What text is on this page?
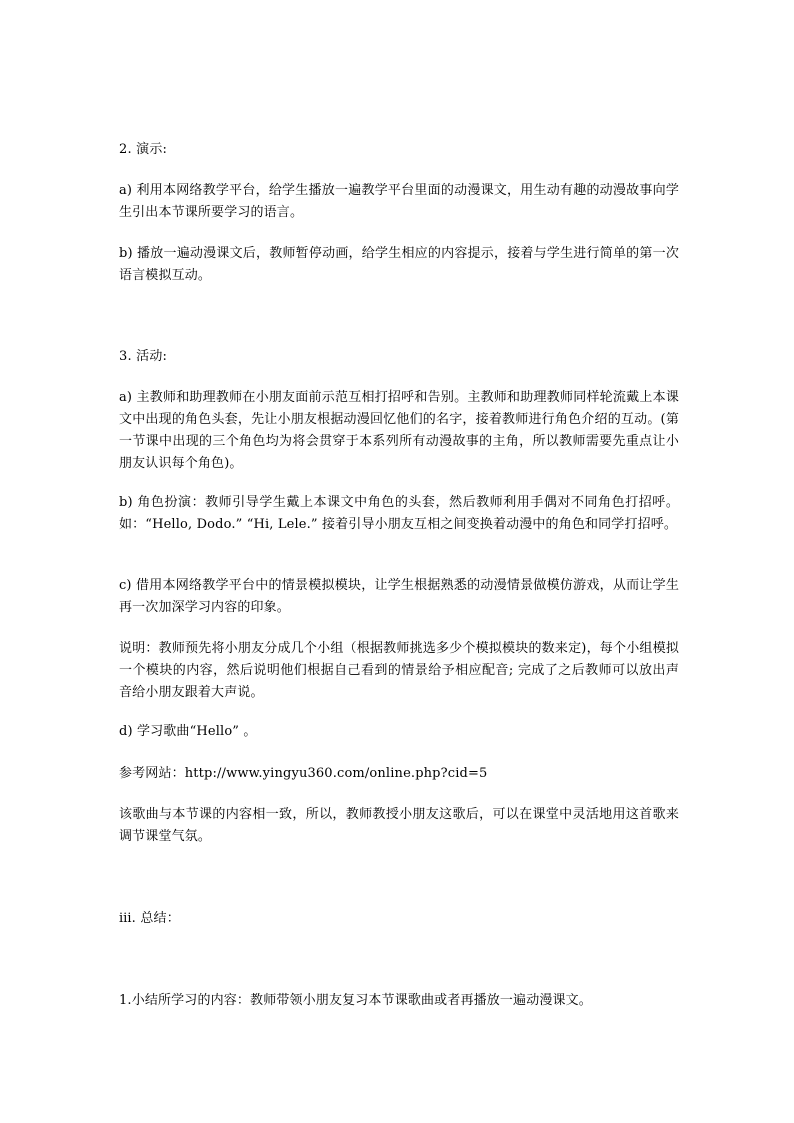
2. 演示:

a) 利用本网络教学平台，给学生播放一遍教学平台里面的动漫课文，用生动有趣的动漫故事向学生引出本节课所要学习的语言。

b) 播放一遍动漫课文后，教师暂停动画，给学生相应的内容提示，接着与学生进行简单的第一次语言模拟互动。

3. 活动:

a) 主教师和助理教师在小朋友面前示范互相打招呼和告别。主教师和助理教师同样轮流戴上本课文中出现的角色头套，先让小朋友根据动漫回忆他们的名字，接着教师进行角色介绍的互动。(第一节课中出现的三个角色均为将会贯穿于本系列所有动漫故事的主角，所以教师需要先重点让小朋友认识每个角色)。

b) 角色扮演：教师引导学生戴上本课文中角色的头套，然后教师利用手偶对不同角色打招呼。如：“Hello, Dodo.” “Hi, Lele.” 接着引导小朋友互相之间变换着动漫中的角色和同学打招呼。

c) 借用本网络教学平台中的情景模拟模块，让学生根据熟悉的动漫情景做模仿游戏，从而让学生再一次加深学习内容的印象。

说明：教师预先将小朋友分成几个小组（根据教师挑选多少个模拟模块的数来定)，每个小组模拟一个模块的内容，然后说明他们根据自己看到的情景给予相应配音; 完成了之后教师可以放出声音给小朋友跟着大声说。

d) 学习歌曲“Hello” 。

参考网站：http://www.yingyu360.com/online.php?cid=5

该歌曲与本节课的内容相一致，所以，教师教授小朋友这歌后，可以在课堂中灵活地用这首歌来调节课堂气氛。

ⅲ. 总结：

1.小结所学习的内容：教师带领小朋友复习本节课歌曲或者再播放一遍动漫课文。
